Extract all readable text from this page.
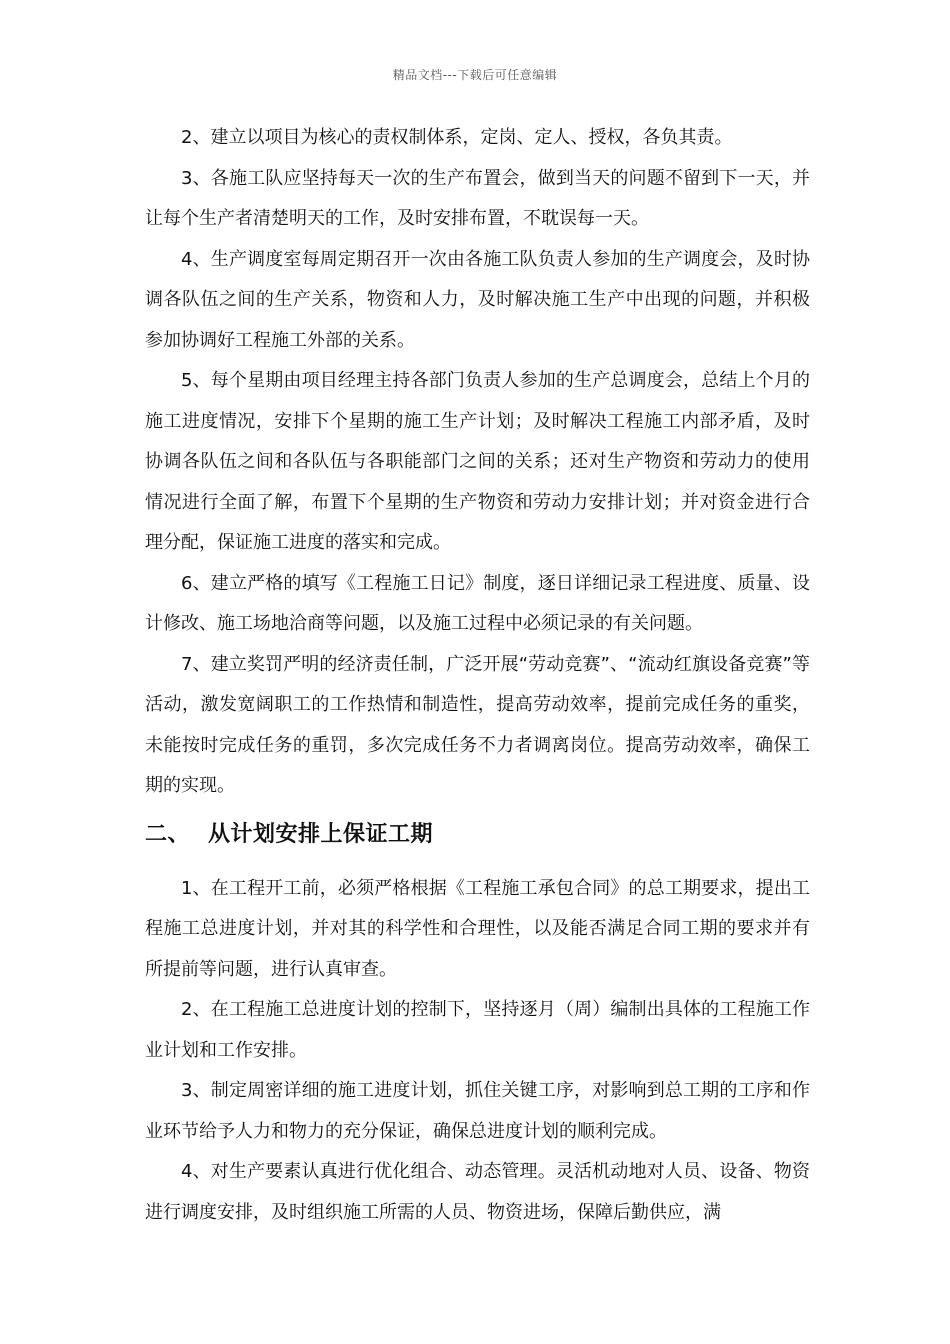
精品文档---下载后可任意编辑

2、建立以项目为核心的责权制体系，定岗、定人、授权，各负其责。

3、各施工队应坚持每天一次的生产布置会，做到当天的问题不留到下一天，并让每个生产者清楚明天的工作，及时安排布置，不耽误每一天。

4、生产调度室每周定期召开一次由各施工队负责人参加的生产调度会，及时协调各队伍之间的生产关系，物资和人力，及时解决施工生产中出现的问题，并积极参加协调好工程施工外部的关系。

5、每个星期由项目经理主持各部门负责人参加的生产总调度会，总结上个月的施工进度情况，安排下个星期的施工生产计划；及时解决工程施工内部矛盾，及时协调各队伍之间和各队伍与各职能部门之间的关系；还对生产物资和劳动力的使用情况进行全面了解，布置下个星期的生产物资和劳动力安排计划；并对资金进行合理分配，保证施工进度的落实和完成。

6、建立严格的填写《工程施工日记》制度，逐日详细记录工程进度、质量、设计修改、施工场地洽商等问题，以及施工过程中必须记录的有关问题。

7、建立奖罚严明的经济责任制，广泛开展“劳动竞赛”、“流动红旗设备竞赛”等活动，激发宽阔职工的工作热情和制造性，提高劳动效率，提前完成任务的重奖，未能按时完成任务的重罚，多次完成任务不力者调离岗位。提高劳动效率，确保工期的实现。

二、 从计划安排上保证工期

1、在工程开工前，必须严格根据《工程施工承包合同》的总工期要求，提出工程施工总进度计划，并对其的科学性和合理性，以及能否满足合同工期的要求并有所提前等问题，进行认真审查。

2、在工程施工总进度计划的控制下，坚持逐月（周）编制出具体的工程施工作业计划和工作安排。

3、制定周密详细的施工进度计划，抓住关键工序，对影响到总工期的工序和作业环节给予人力和物力的充分保证，确保总进度计划的顺利完成。

4、对生产要素认真进行优化组合、动态管理。灵活机动地对人员、设备、物资进行调度安排，及时组织施工所需的人员、物资进场，保障后勤供应，满
